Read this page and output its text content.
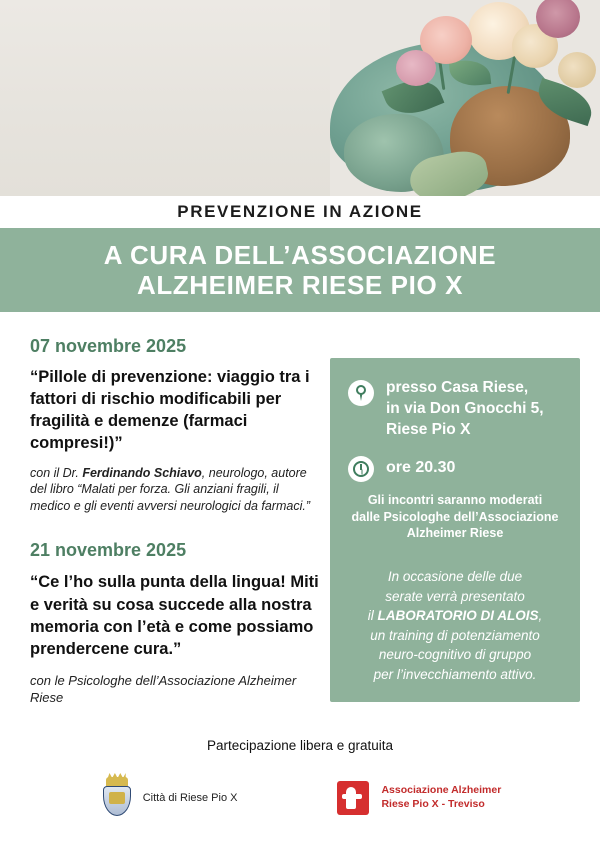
PREVENZIONE IN AZIONE
A CURA DELL’ASSOCIAZIONE
ALZHEIMER RIESE PIO X

07 novembre 2025

“Pillole di prevenzione: viaggio tra i fattori di rischio modificabili per fragilità e demenze (farmaci compresi!)”

con il Dr. Ferdinando Schiavo, neurologo, autore del libro “Malati per forza. Gli anziani fragili, il medico e gli eventi avversi neurologici da farmaci.”

21 novembre 2025

“Ce l’ho sulla punta della lingua! Miti e verità su cosa succede alla nostra memoria con l’età e come possiamo prendercene cura.”

con le Psicologhe dell’Associazione Alzheimer Riese

presso Casa Riese,
in via Don Gnocchi 5,
Riese Pio X
ore 20.30
Gli incontri saranno moderati
dalle Psicologhe dell’Associazione
Alzheimer Riese
In occasione delle due
serate verrà presentato
il LABORATORIO DI ALOIS,
un training di potenziamento
neuro-cognitivo di gruppo
per l’invecchiamento attivo.
Partecipazione libera e gratuita
Città di Riese Pio X
Associazione Alzheimer
Riese Pio X - Treviso
